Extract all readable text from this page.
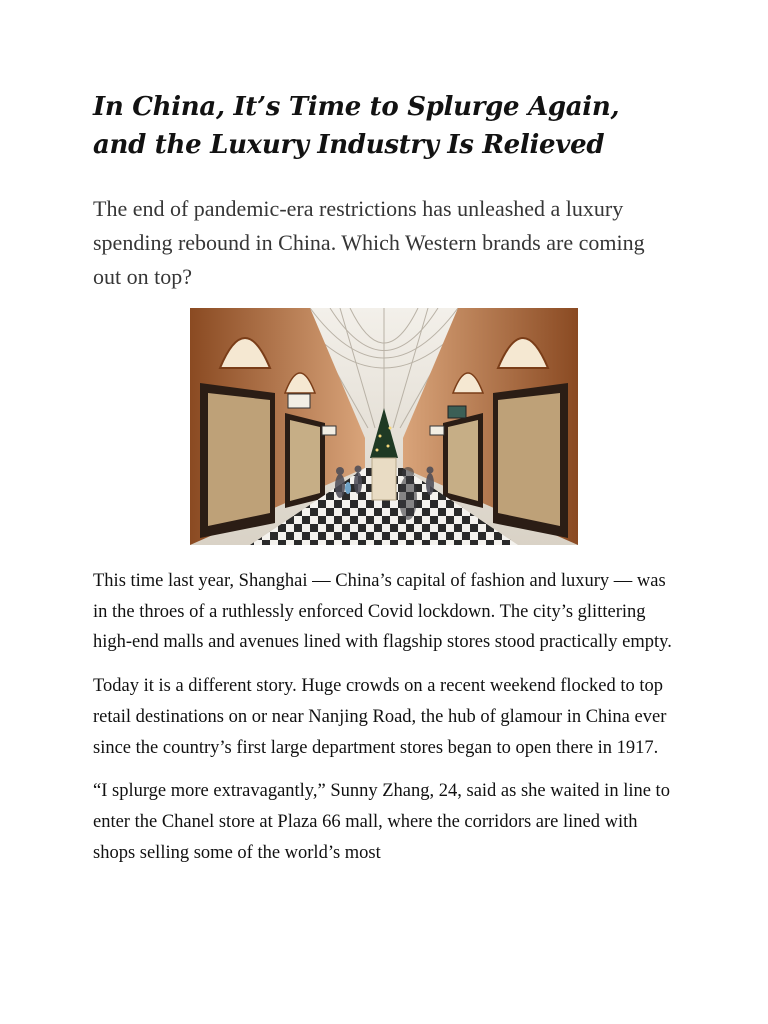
In China, It’s Time to Splurge Again, and the Luxury Industry Is Relieved

The end of pandemic-era restrictions has unleashed a luxury spending rebound in China. Which Western brands are coming out on top?

This time last year, Shanghai — China’s capital of fashion and luxury — was in the throes of a ruthlessly enforced Covid lockdown. The city’s glittering high-end malls and avenues lined with flagship stores stood practically empty.

Today it is a different story. Huge crowds on a recent weekend flocked to top retail destinations on or near Nanjing Road, the hub of glamour in China ever since the country’s first large department stores began to open there in 1917.

“I splurge more extravagantly,” Sunny Zhang, 24, said as she waited in line to enter the Chanel store at Plaza 66 mall, where the corridors are lined with shops selling some of the world’s most
